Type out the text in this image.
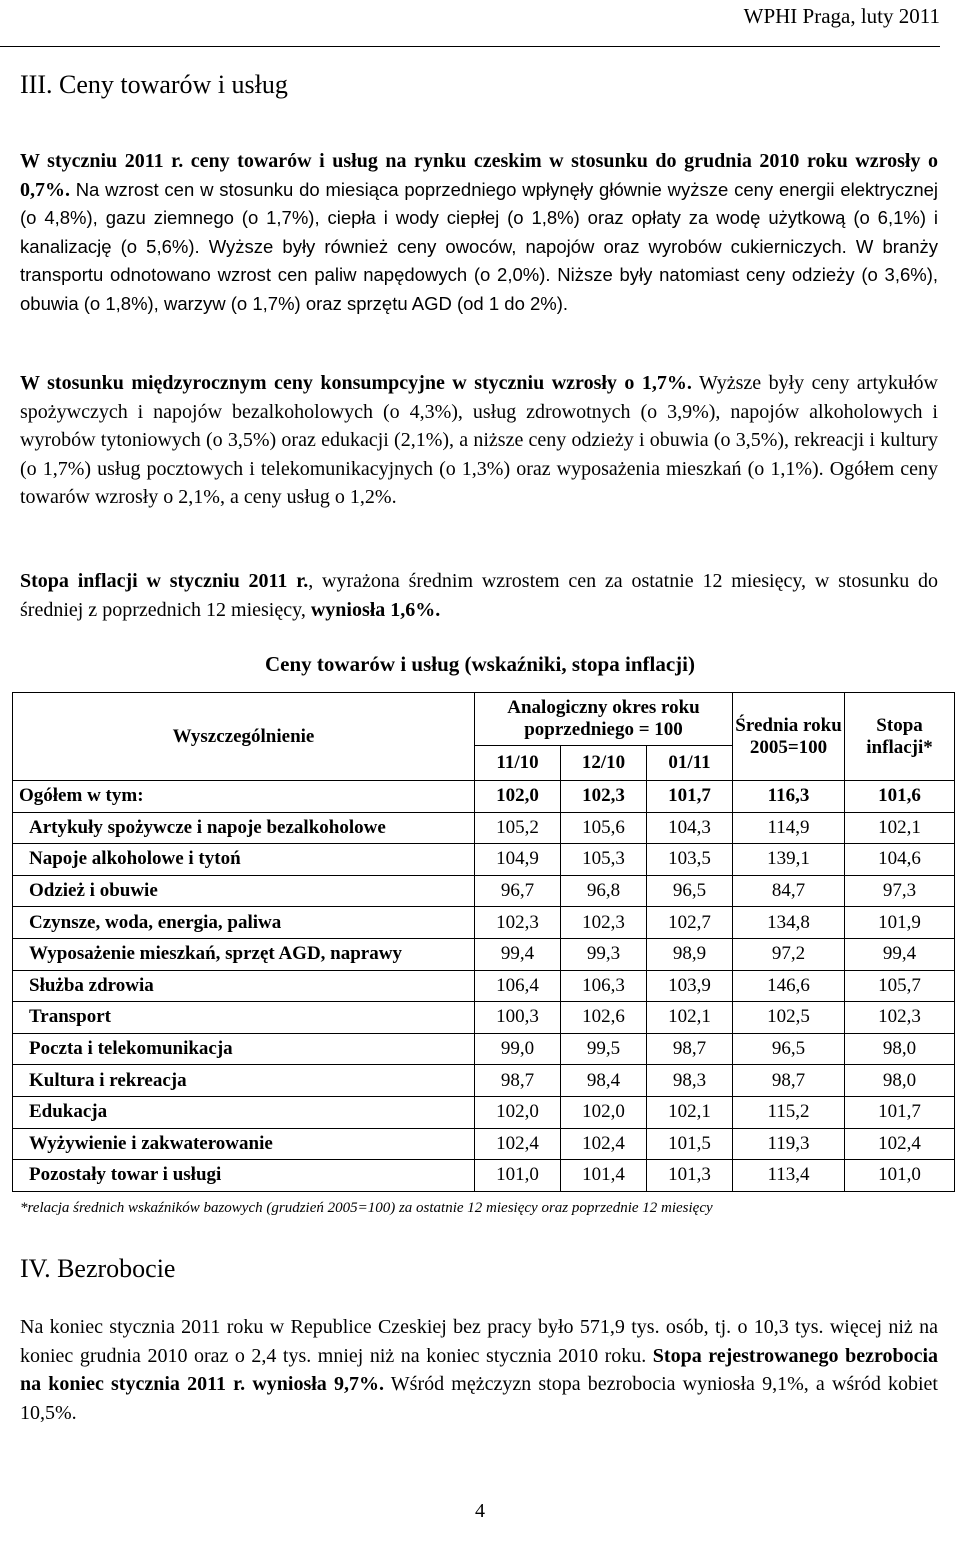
WPHI Praga, luty 2011
III. Ceny towarów i usług

W styczniu 2011 r. ceny towarów i usług na rynku czeskim w stosunku do grudnia 2010 roku wzrosły o 0,7%. Na wzrost cen w stosunku do miesiąca poprzedniego wpłynęły głównie wyższe ceny energii elektrycznej (o 4,8%), gazu ziemnego (o 1,7%), ciepła i wody ciepłej (o 1,8%) oraz opłaty za wodę użytkową (o 6,1%) i kanalizację (o 5,6%). Wyższe były również ceny owoców, napojów oraz wyrobów cukierniczych. W branży transportu odnotowano wzrost cen paliw napędowych (o 2,0%). Niższe były natomiast ceny odzieży (o 3,6%), obuwia (o 1,8%), warzyw (o 1,7%) oraz sprzętu AGD (od 1 do 2%).

W stosunku międzyrocznym ceny konsumpcyjne w styczniu wzrosły o 1,7%. Wyższe były ceny artykułów spożywczych i napojów bezalkoholowych (o 4,3%), usług zdrowotnych (o 3,9%), napojów alkoholowych i wyrobów tytoniowych (o 3,5%) oraz edukacji (2,1%), a niższe ceny odzieży i obuwia (o 3,5%), rekreacji i kultury (o 1,7%) usług pocztowych i telekomunikacyjnych (o 1,3%) oraz wyposażenia mieszkań (o 1,1%). Ogółem ceny towarów wzrosły o 2,1%, a ceny usług o 1,2%.

Stopa inflacji w styczniu 2011 r., wyrażona średnim wzrostem cen za ostatnie 12 miesięcy, w stosunku do średniej z poprzednich 12 miesięcy, wyniosła 1,6%.

Ceny towarów i usług (wskaźniki, stopa inflacji)
Wyszczególnienie	Analogiczny okres roku poprzedniego = 100			Średnia roku 2005=100	Stopa inflacji*
	11/10	12/10	01/11		
Ogółem w tym:	102,0	102,3	101,7	116,3	101,6
Artykuły spożywcze i napoje bezalkoholowe	105,2	105,6	104,3	114,9	102,1
Napoje alkoholowe i tytoń	104,9	105,3	103,5	139,1	104,6
Odzież i obuwie	96,7	96,8	96,5	84,7	97,3
Czynsze, woda, energia, paliwa	102,3	102,3	102,7	134,8	101,9
Wyposażenie mieszkań, sprzęt AGD, naprawy	99,4	99,3	98,9	97,2	99,4
Służba zdrowia	106,4	106,3	103,9	146,6	105,7
Transport	100,3	102,6	102,1	102,5	102,3
Poczta i telekomunikacja	99,0	99,5	98,7	96,5	98,0
Kultura i rekreacja	98,7	98,4	98,3	98,7	98,0
Edukacja	102,0	102,0	102,1	115,2	101,7
Wyżywienie i zakwaterowanie	102,4	102,4	101,5	119,3	102,4
Pozostały towar i usługi	101,0	101,4	101,3	113,4	101,0
*relacja średnich wskaźników bazowych (grudzień 2005=100) za ostatnie 12 miesięcy oraz poprzednie 12 miesięcy
IV. Bezrobocie

Na koniec stycznia 2011 roku w Republice Czeskiej bez pracy było 571,9 tys. osób, tj. o 10,3 tys. więcej niż na koniec grudnia 2010 oraz o 2,4 tys. mniej niż na koniec stycznia 2010 roku. Stopa rejestrowanego bezrobocia na koniec stycznia 2011 r. wyniosła 9,7%. Wśród mężczyzn stopa bezrobocia wyniosła 9,1%, a wśród kobiet 10,5%.

4
